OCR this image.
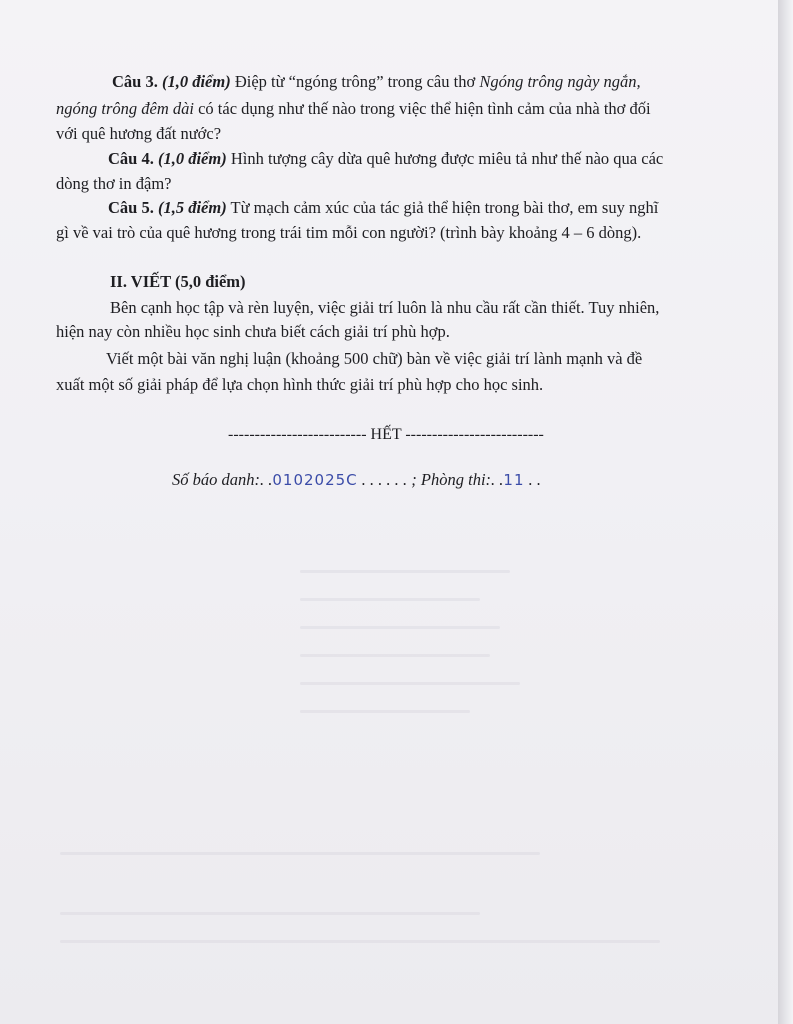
Câu 3. (1,0 điểm) Điệp từ “ngóng trông” trong câu thơ Ngóng trông ngày ngắn,
ngóng trông đêm dài có tác dụng như thế nào trong việc thể hiện tình cảm của nhà thơ đối
với quê hương đất nước?
Câu 4. (1,0 điểm) Hình tượng cây dừa quê hương được miêu tả như thế nào qua các
dòng thơ in đậm?
Câu 5. (1,5 điểm) Từ mạch cảm xúc của tác giả thể hiện trong bài thơ, em suy nghĩ
gì về vai trò của quê hương trong trái tim mỗi con người? (trình bày khoảng 4 – 6 dòng).
II. VIẾT (5,0 điểm)
Bên cạnh học tập và rèn luyện, việc giải trí luôn là nhu cầu rất cần thiết. Tuy nhiên,
hiện nay còn nhiều học sinh chưa biết cách giải trí phù hợp.
Viết một bài văn nghị luận (khoảng 500 chữ) bàn về việc giải trí lành mạnh và đề
xuất một số giải pháp để lựa chọn hình thức giải trí phù hợp cho học sinh.
-------------------------- HẾT --------------------------
Số báo danh:. .0102025C . . . . . . ; Phòng thi:. .11 . .
